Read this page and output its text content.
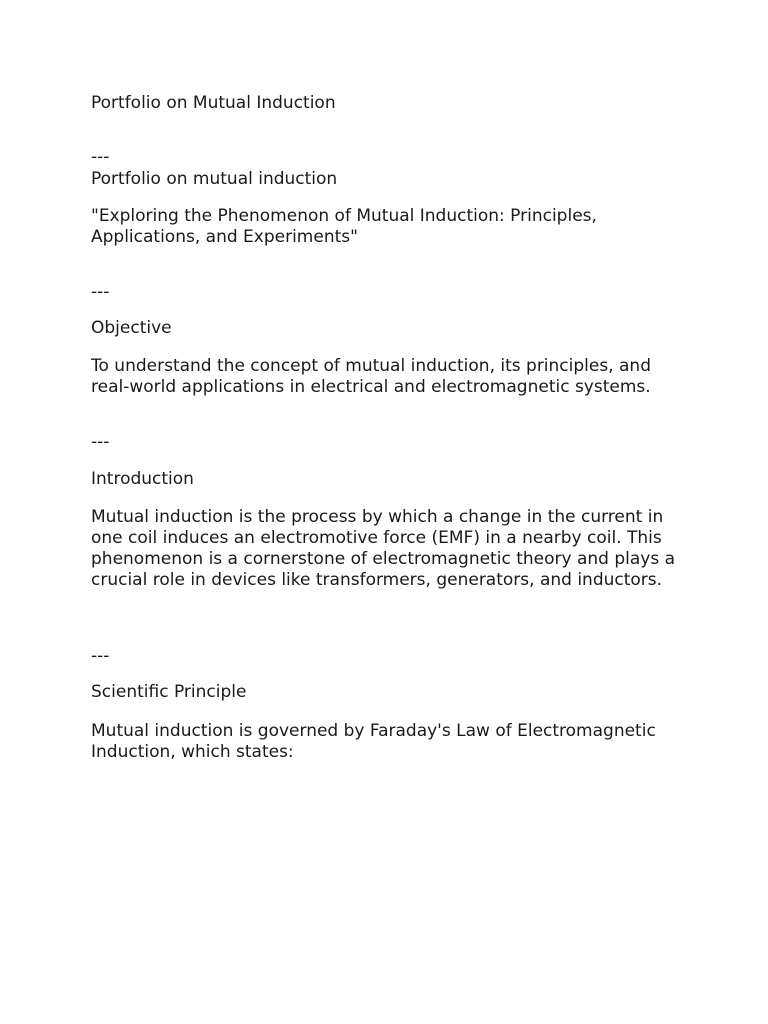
Portfolio on Mutual Induction

---

Portfolio on mutual induction

"Exploring the Phenomenon of Mutual Induction: Principles, Applications, and Experiments"

---

Objective

To understand the concept of mutual induction, its principles, and real-world applications in electrical and electromagnetic systems.

---

Introduction

Mutual induction is the process by which a change in the current in one coil induces an electromotive force (EMF) in a nearby coil. This phenomenon is a cornerstone of electromagnetic theory and plays a crucial role in devices like transformers, generators, and inductors.

---

Scientific Principle

Mutual induction is governed by Faraday's Law of Electromagnetic Induction, which states:
